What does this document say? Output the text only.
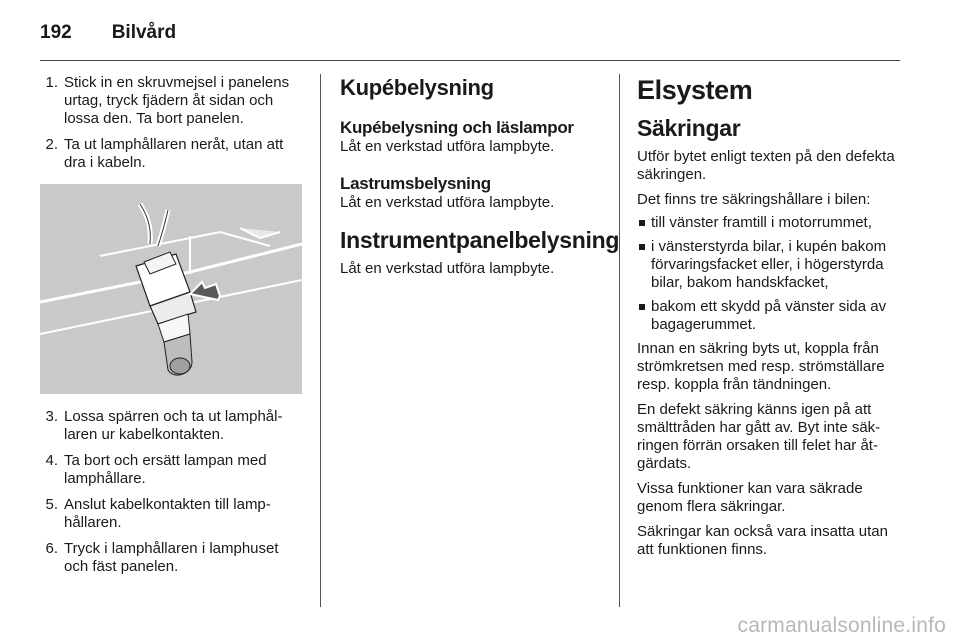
192 Bilvård
1. Stick in en skruvmejsel i panelens urtag, tryck fjädern åt sidan och lossa den. Ta bort panelen.
2. Ta ut lamphållaren neråt, utan att dra i kabeln.
3. Lossa spärren och ta ut lamphållaren ur kabelkontakten.
4. Ta bort och ersätt lampan med lamphållare.
5. Anslut kabelkontakten till lamphållaren.
6. Tryck i lamphållaren i lamphuset och fäst panelen.
Kupébelysning
Kupébelysning och läslampor

Låt en verkstad utföra lampbyte.

Lastrumsbelysning

Låt en verkstad utföra lampbyte.

Instrumentpanelbelysning

Låt en verkstad utföra lampbyte.

Elsystem
Säkringar

Utför bytet enligt texten på den defekta säkringen.

Det finns tre säkringshållare i bilen:

till vänster framtill i motorrummet,
i vänsterstyrda bilar, i kupén bakom förvaringsfacket eller, i högerstyrda bilar, bakom handskfacket,
bakom ett skydd på vänster sida av bagagerummet.

Innan en säkring byts ut, koppla från strömkretsen med resp. strömställare resp. koppla från tändningen.

En defekt säkring känns igen på att smälttråden har gått av. Byt inte säkringen förrän orsaken till felet har åtgärdats.

Vissa funktioner kan vara säkrade genom flera säkringar.

Säkringar kan också vara insatta utan att funktionen finns.

carmanualsonline.info
